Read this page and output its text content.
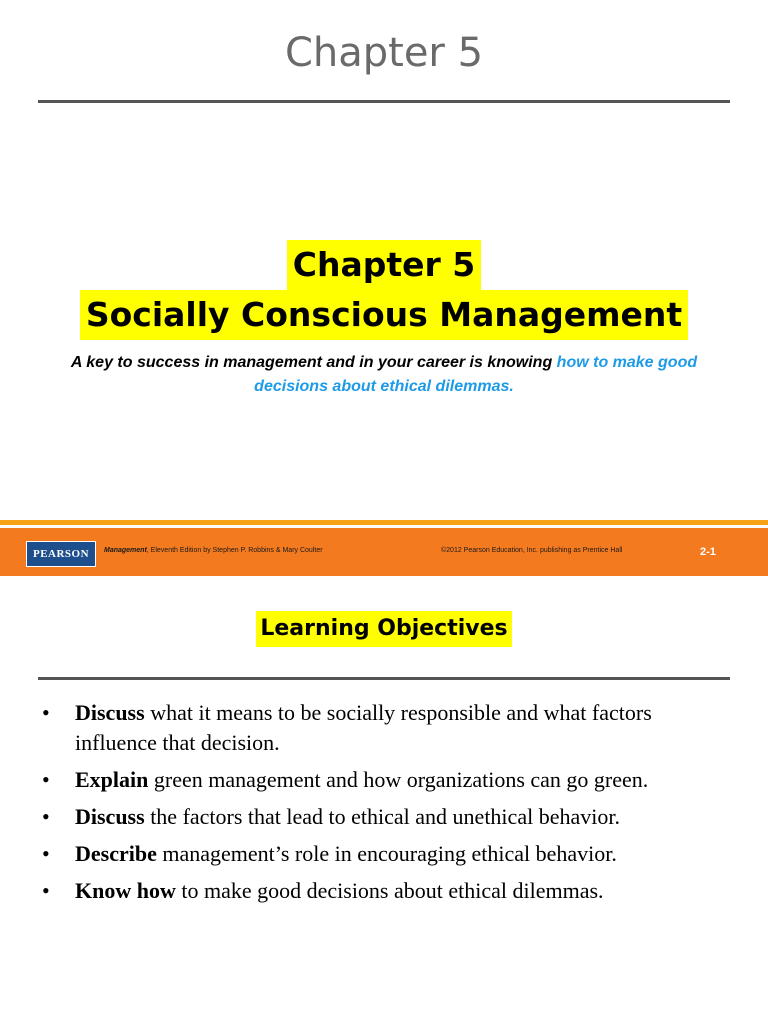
Chapter 5
Chapter 5
Socially Conscious Management
A key to success in management and in your career is knowing how to make good decisions about ethical dilemmas.
PEARSON	Management, Eleventh Edition by Stephen P. Robbins & Mary Coulter	©2012 Pearson Education, Inc. publishing as Prentice Hall	2-1
Learning Objectives
• Discuss what it means to be socially responsible and what factors influence that decision.
• Explain green management and how organizations can go green.
• Discuss the factors that lead to ethical and unethical behavior.
• Describe management’s role in encouraging ethical behavior.
• Know how to make good decisions about ethical dilemmas.
